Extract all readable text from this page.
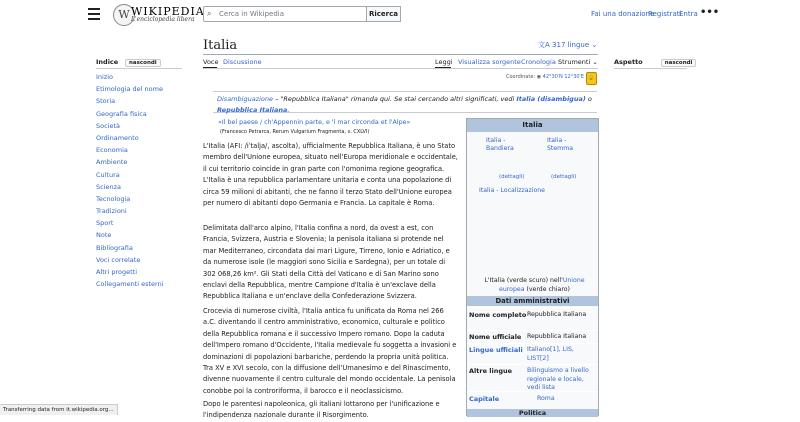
W WIKIPEDIA
L'enciclopedia libera
⌕ Cerca in Wikipedia	Ricerca	Fai una donazione
Registrati
Entra •••
Indice nascondi
Inizio
Etimologia del nome
Storia
Geografia fisica
Società
Ordinamento
Economia
Ambiente
Cultura
Scienza
Tecnologia
Tradizioni
Sport
Note
Bibliografia
Voci correlate
Altri progetti
Collegamenti esterni
Aspetto	nascondi
Italia	文A 317 lingue ⌄
Voce Discussione	Leggi Visualizza sorgente Cronologia Strumenti ⌄
Coordinate: ◉ 42°30′N 12°30′E 🔒
Disambiguazione – "Repubblica Italiana" rimanda qui. Se stai cercando altri significati, vedi Italia (disambigua) o Repubblica Italiana.
«Il bel paese / ch'Appennin parte, e 'l mar circonda et l'Alpe»
(Francesco Petrarca, Rerum Vulgarium Fragmenta, s. CXLVI)
L'Italia (AFI: /iˈtalja/, ascolta), ufficialmente Repubblica Italiana, è uno Stato membro dell'Unione europea, situato nell'Europa meridionale e occidentale, il cui territorio coincide in gran parte con l'omonima regione geografica. L'Italia è una repubblica parlamentare unitaria e conta una popolazione di circa 59 milioni di abitanti, che ne fanno il terzo Stato dell'Unione europea per numero di abitanti dopo Germania e Francia. La capitale è Roma.
Delimitata dall'arco alpino, l'Italia confina a nord, da ovest a est, con Francia, Svizzera, Austria e Slovenia; la penisola italiana si protende nel mar Mediterraneo, circondata dai mari Ligure, Tirreno, Ionio e Adriatico, e da numerose isole (le maggiori sono Sicilia e Sardegna), per un totale di 302 068,26 km². Gli Stati della Città del Vaticano e di San Marino sono enclavi della Repubblica, mentre Campione d'Italia è un'exclave della Repubblica Italiana e un'enclave della Confederazione Svizzera.
Crocevia di numerose civiltà, l'Italia antica fu unificata da Roma nel 266 a.C. diventando il centro amministrativo, economico, culturale e politico della Repubblica romana e il successivo Impero romano. Dopo la caduta dell'Impero romano d'Occidente, l'Italia medievale fu soggetta a invasioni e dominazioni di popolazioni barbariche, perdendo la propria unità politica. Tra XV e XVI secolo, con la diffusione dell'Umanesimo e del Rinascimento, divenne nuovamente il centro culturale del mondo occidentale. La penisola conobbe poi la controriforma, il barocco e il neoclassicismo.
Dopo le parentesi napoleonica, gli italiani lottarono per l'unificazione e l'indipendenza nazionale durante il Risorgimento.
Italia
Italia - Bandiera
Italia - Stemma
(dettagli)	(dettagli)
Italia - Localizzazione
L'Italia (verde scuro) nell'Unione europea (verde chiaro)
Dati amministrativi
Nome completo Repubblica Italiana
Nome ufficiale Repubblica Italiana
Lingue ufficiali Italiano[1], LIS, LIST[2]
Altre lingue Bilinguismo a livello regionale e locale, vedi lista
Capitale	Roma
Politica
Transferring data from it.wikipedia.org...
